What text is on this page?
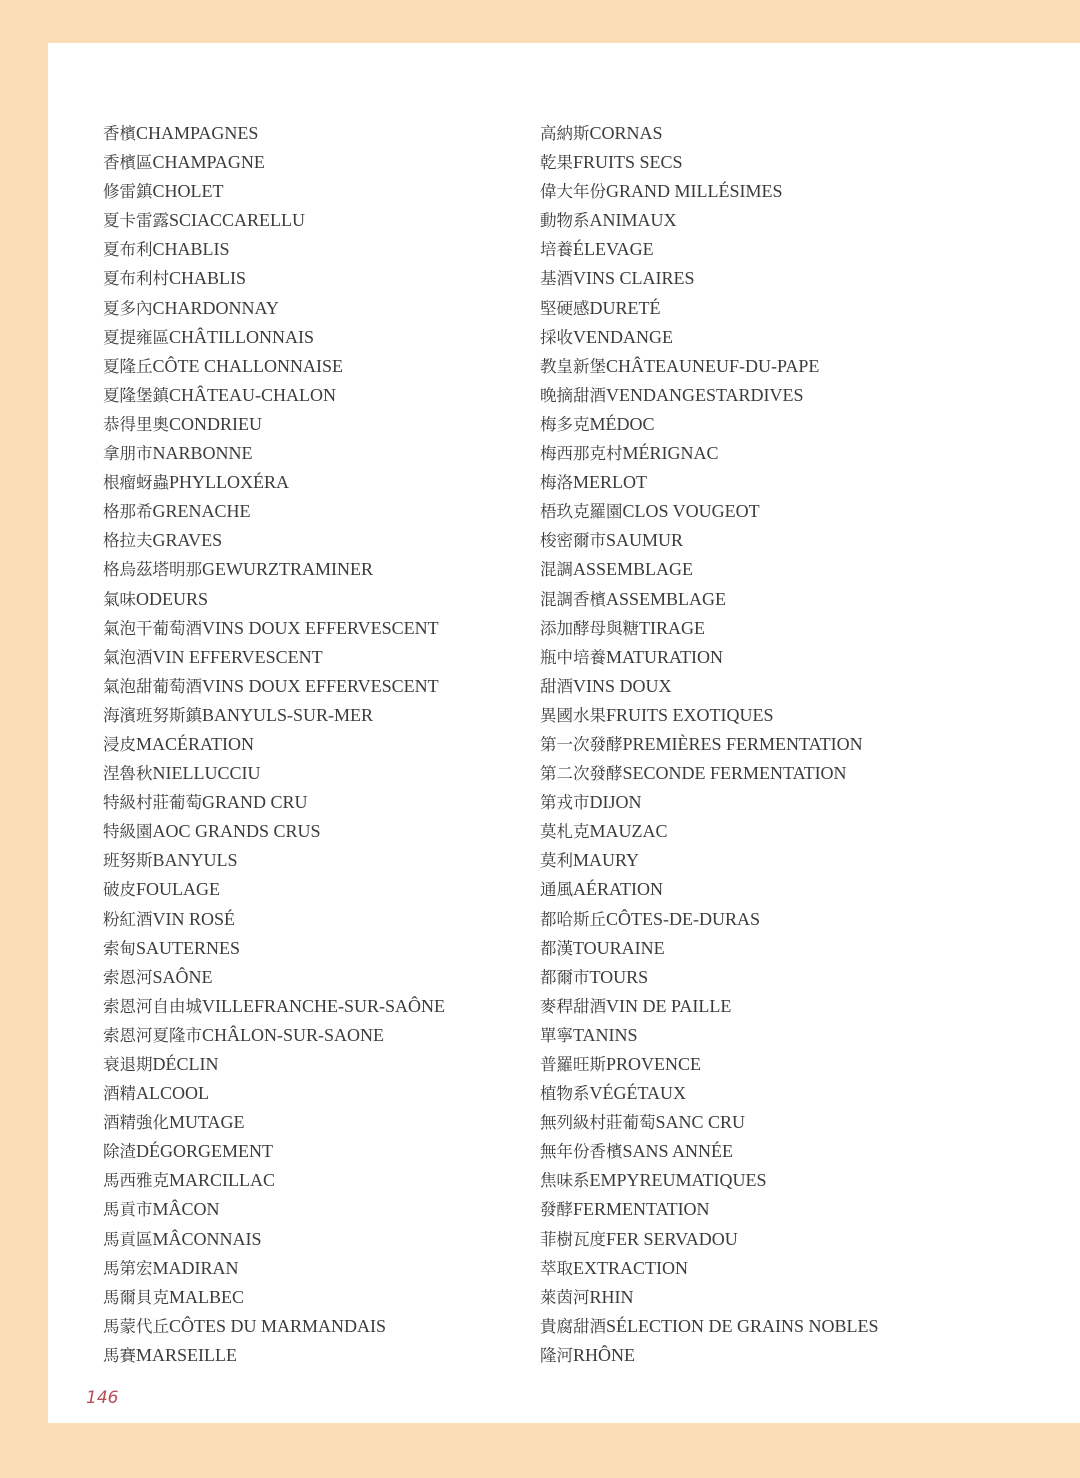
香檳CHAMPAGNES
香檳區CHAMPAGNE
修雷鎮CHOLET
夏卡雷露SCIACCARELLU
夏布利CHABLIS
夏布利村CHABLIS
夏多內CHARDONNAY
夏提雍區CHÂTILLONNAIS
夏隆丘CÔTE CHALLONNAISE
夏隆堡鎮CHÂTEAU-CHALON
恭得里奧CONDRIEU
拿朋市NARBONNE
根瘤蚜蟲PHYLLOXÉRA
格那希GRENACHE
格拉夫GRAVES
格烏茲塔明那GEWURZTRAMINER
氣味ODEURS
氣泡干葡萄酒VINS DOUX EFFERVESCENT
氣泡酒VIN EFFERVESCENT
氣泡甜葡萄酒VINS DOUX EFFERVESCENT
海濱班努斯鎮BANYULS-SUR-MER
浸皮MACÉRATION
涅魯秋NIELLUCCIU
特級村莊葡萄GRAND CRU
特級園AOC GRANDS CRUS
班努斯BANYULS
破皮FOULAGE
粉紅酒VIN ROSÉ
索甸SAUTERNES
索恩河SAÔNE
索恩河自由城VILLEFRANCHE-SUR-SAÔNE
索恩河夏隆市CHÂLON-SUR-SAONE
衰退期DÉCLIN
酒精ALCOOL
酒精強化MUTAGE
除渣DÉGORGEMENT
馬西雅克MARCILLAC
馬貢市MÂCON
馬貢區MÂCONNAIS
馬第宏MADIRAN
馬爾貝克MALBEC
馬蒙代丘CÔTES DU MARMANDAIS
馬賽MARSEILLE
高納斯CORNAS
乾果FRUITS SECS
偉大年份GRAND MILLÉSIMES
動物系ANIMAUX
培養ÉLEVAGE
基酒VINS CLAIRES
堅硬感DURETÉ
採收VENDANGE
教皇新堡CHÂTEAUNEUF-DU-PAPE
晚摘甜酒VENDANGESTARDIVES
梅多克MÉDOC
梅西那克村MÉRIGNAC
梅洛MERLOT
梧玖克羅園CLOS VOUGEOT
梭密爾市SAUMUR
混調ASSEMBLAGE
混調香檳ASSEMBLAGE
添加酵母與糖TIRAGE
瓶中培養MATURATION
甜酒VINS DOUX
異國水果FRUITS EXOTIQUES
第一次發酵PREMIÈRES FERMENTATION
第二次發酵SECONDE FERMENTATION
第戎市DIJON
莫札克MAUZAC
莫利MAURY
通風AÉRATION
都哈斯丘CÔTES-DE-DURAS
都漢TOURAINE
都爾市TOURS
麥稈甜酒VIN DE PAILLE
單寧TANINS
普羅旺斯PROVENCE
植物系VÉGÉTAUX
無列級村莊葡萄SANC CRU
無年份香檳SANS ANNÉE
焦味系EMPYREUMATIQUES
發酵FERMENTATION
菲樹瓦度FER SERVADOU
萃取EXTRACTION
萊茵河RHIN
貴腐甜酒SÉLECTION DE GRAINS NOBLES
隆河RHÔNE
146
